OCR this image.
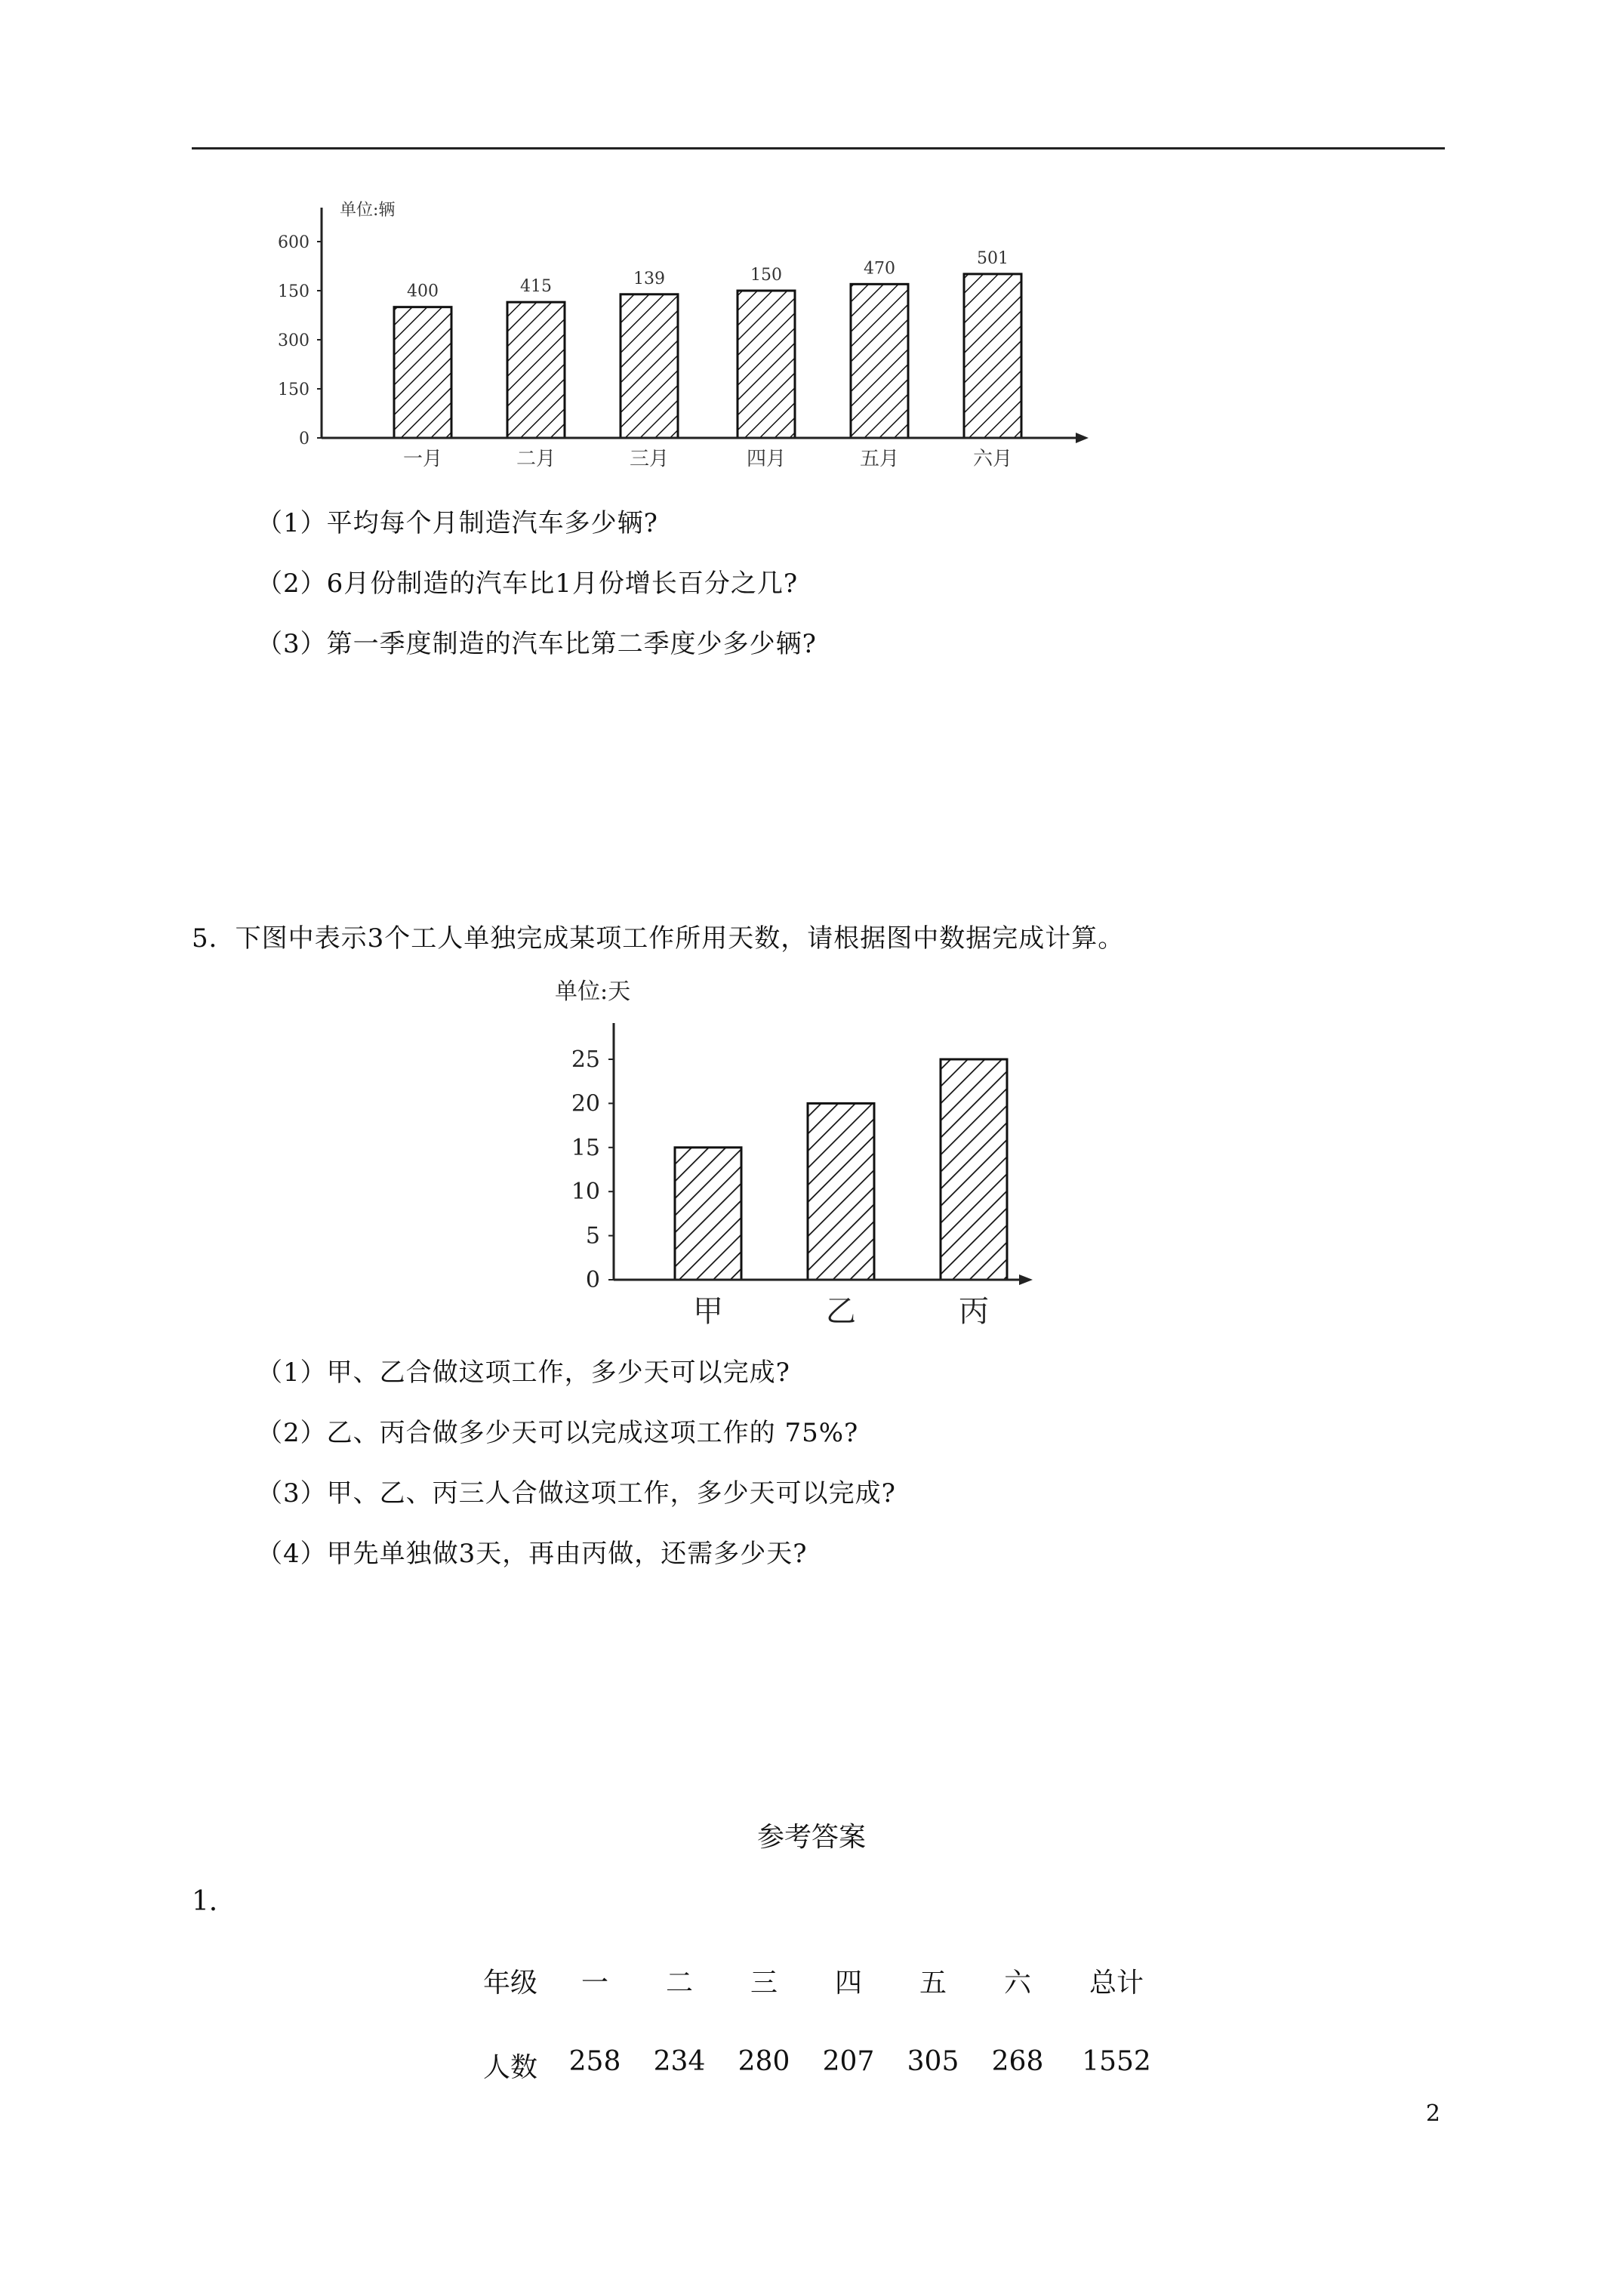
单位:辆
600
150
300
150
0
400
一月
415
二月
139
三月
150
四月
470
五月
501
六月
（1）平均每个月制造汽车多少辆?
（2）6月份制造的汽车比1月份增长百分之几?
（3）第一季度制造的汽车比第二季度少多少辆?
5．下图中表示3个工人单独完成某项工作所用天数，请根据图中数据完成计算。
单位:天
25
20
15
10
5
0
甲	乙	丙
（1）甲、乙合做这项工作，多少天可以完成?
（2）乙、丙合做多少天可以完成这项工作的 75%?
（3）甲、乙、丙三人合做这项工作，多少天可以完成?
（4）甲先单独做3天，再由丙做，还需多少天?
参考答案
1．
年级	一	二	三	四	五	六	总计
人数	258	234	280	207	305	268	1552
2
